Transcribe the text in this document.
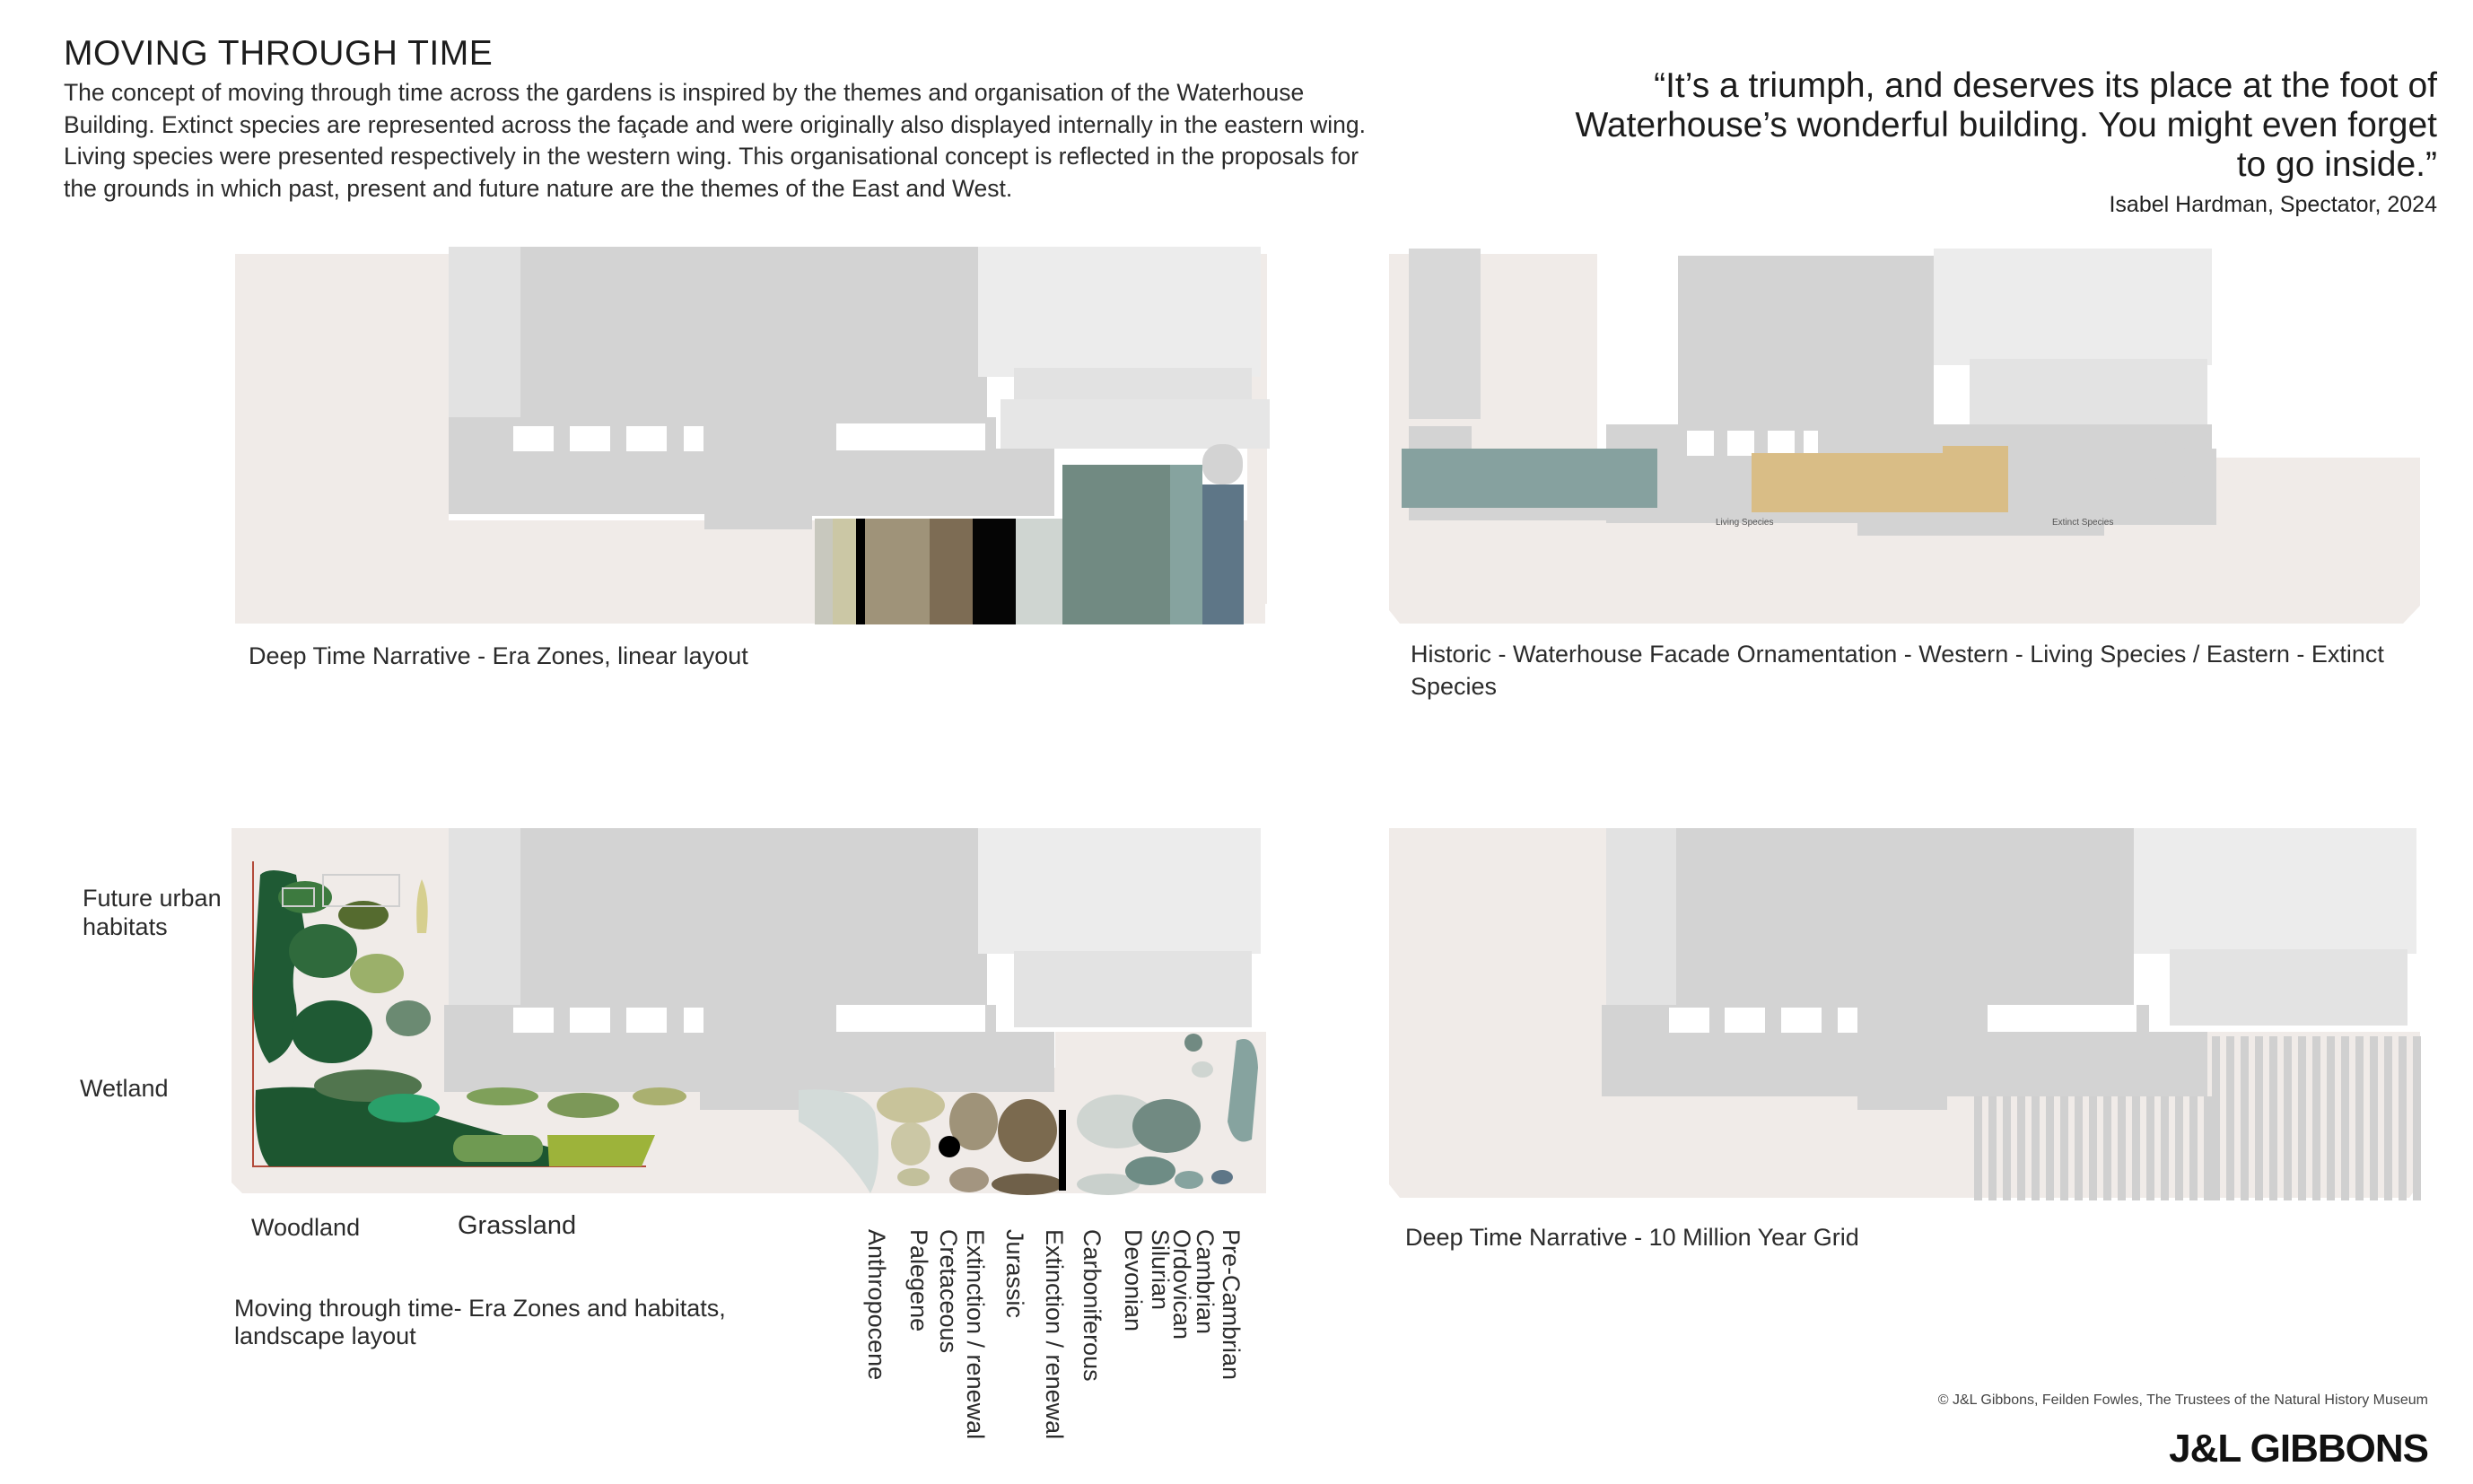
MOVING THROUGH TIME
The concept of moving through time across the gardens is inspired by the themes and organisation of the Waterhouse Building. Extinct species are represented across the façade and were originally also displayed internally in the eastern wing. Living species were presented respectively in the western wing. This organisational concept is reflected in the proposals for the grounds in which past, present and future nature are the themes of the East and West.
“It’s a triumph, and deserves its place at the foot of Waterhouse’s wonderful building. You might even forget to go inside.”
Isabel Hardman, Spectator, 2024
Deep Time Narrative - Era Zones, linear layout	Historic - Waterhouse Facade Ornamentation - Western - Living Species / Eastern - Extinct Species
Living Species	Extinct Species
Future urban habitats
Wetland
Woodland	Grassland
Moving through time- Era Zones and habitats, landscape layout	Anthropocene Palegene Cretaceous Extinction / renewal Jurassic Extinction / renewal Carboniferous Devonian Silurian
Ordovican
Cambrian Pre-Cambrian	Deep Time Narrative - 10 Million Year Grid
© J&L Gibbons, Feilden Fowles, The Trustees of the Natural History Museum
J&L GIBBONS
